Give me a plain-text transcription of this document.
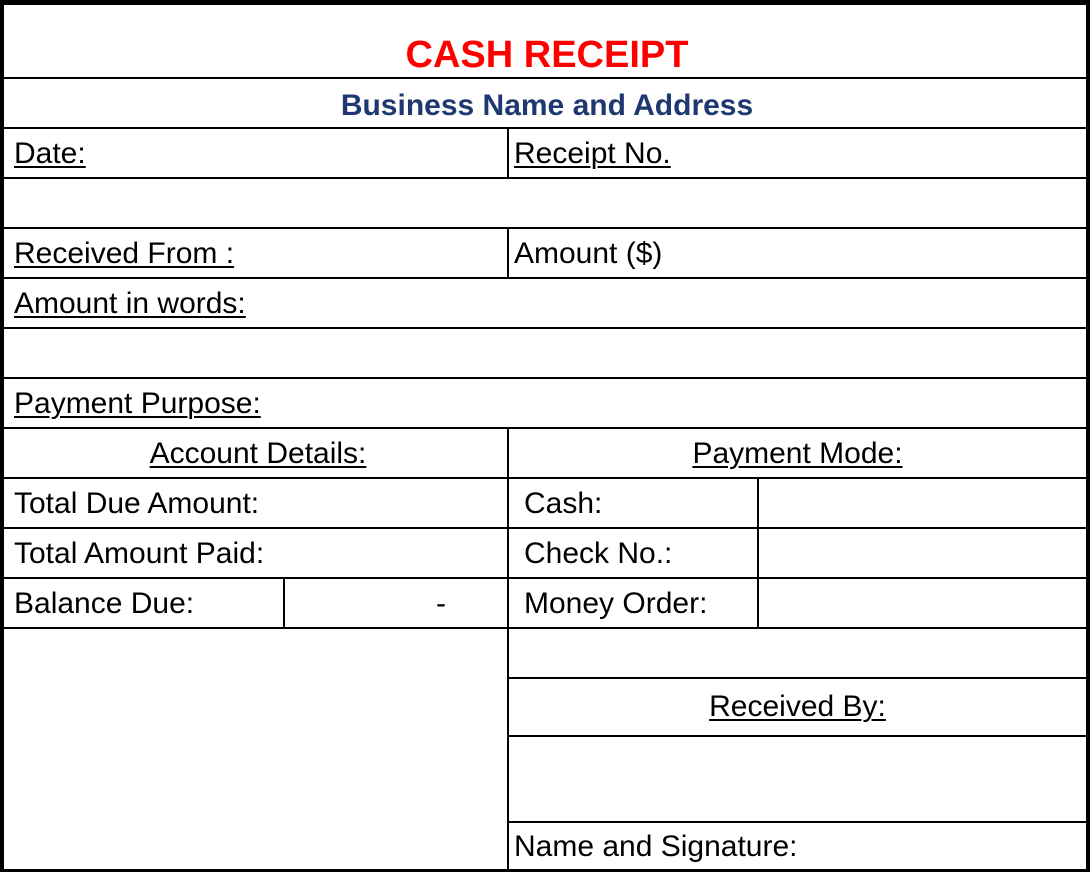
CASH RECEIPT
Business Name and Address
Date:	Receipt No.
Received From :	Amount ($)
Amount in words:
Payment Purpose:
Account Details:	Payment Mode:
Total Due Amount:	Cash:
Total Amount Paid:	Check No.:
Balance Due:	-	Money Order:
Received By:
Name and Signature:
